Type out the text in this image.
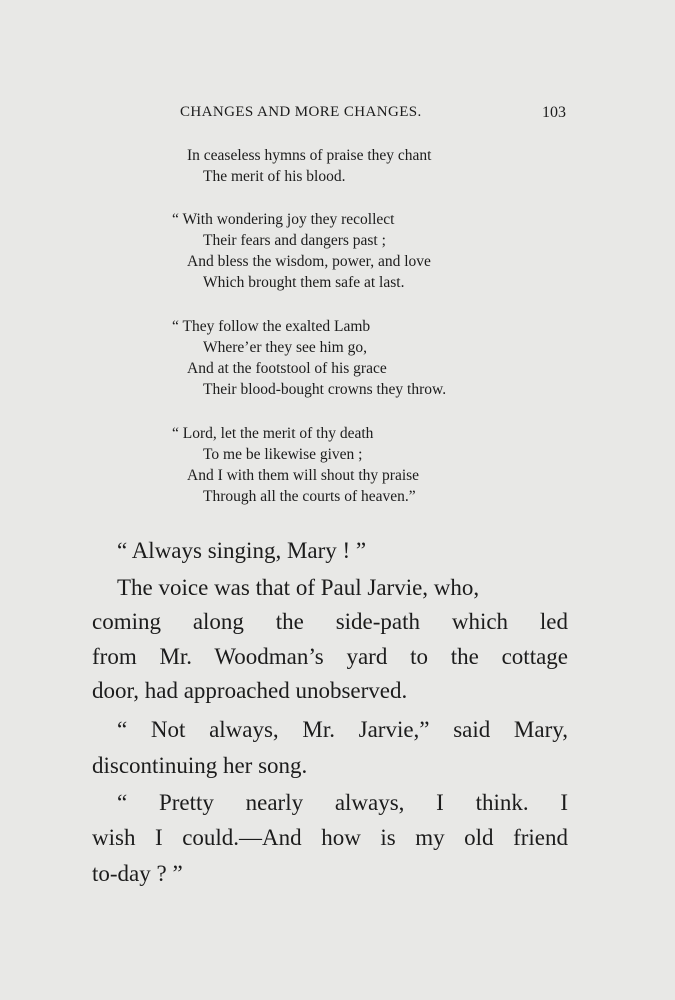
CHANGES AND MORE CHANGES.	103
In ceaseless hymns of praise they chant
The merit of his blood.
“ With wondering joy they recollect
Their fears and dangers past ;
And bless the wisdom, power, and love
Which brought them safe at last.
“ They follow the exalted Lamb
Where’er they see him go,
And at the footstool of his grace
Their blood-bought crowns they throw.
“ Lord, let the merit of thy death
To me be likewise given ;
And I with them will shout thy praise
Through all the courts of heaven.”
“ Always singing, Mary ! ”
The voice was that of Paul Jarvie, who,
coming along the side-path which led
from Mr. Woodman’s yard to the cottage
door, had approached unobserved.
“ Not always, Mr. Jarvie,” said Mary,
discontinuing her song.
“ Pretty nearly always, I think. I
wish I could.—And how is my old friend
to-day ? ”
